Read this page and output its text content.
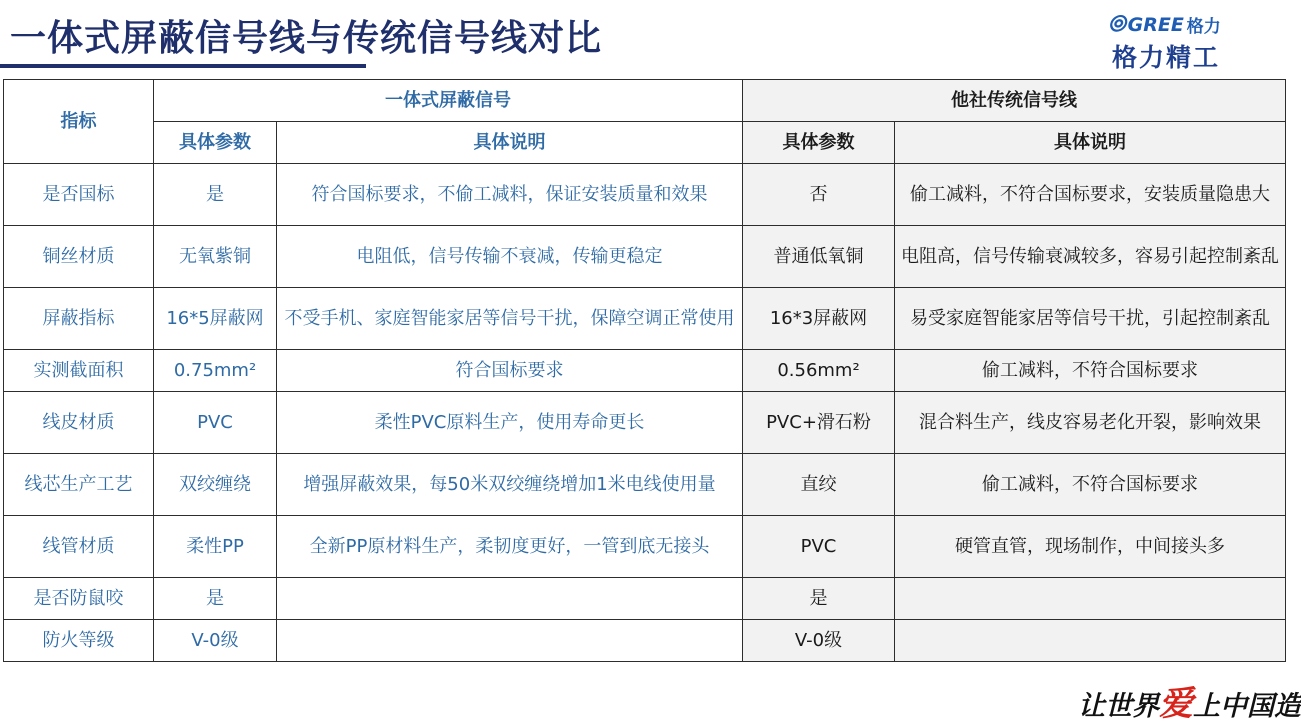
一体式屏蔽信号线与传统信号线对比	⦾ GREE 格力
格力精工
指标	一体式屏蔽信号		他社传统信号线	
	具体参数	具体说明	具体参数	具体说明
是否国标	是	符合国标要求，不偷工减料，保证安装质量和效果	否	偷工减料，不符合国标要求，安装质量隐患大
铜丝材质	无氧紫铜	电阻低，信号传输不衰减，传输更稳定	普通低氧铜	电阻高，信号传输衰减较多，容易引起控制紊乱
屏蔽指标	16*5屏蔽网	不受手机、家庭智能家居等信号干扰，保障空调正常使用	16*3屏蔽网	易受家庭智能家居等信号干扰，引起控制紊乱
实测截面积	0.75mm²	符合国标要求	0.56mm²	偷工减料，不符合国标要求
线皮材质	PVC	柔性PVC原料生产，使用寿命更长	PVC+滑石粉	混合料生产，线皮容易老化开裂，影响效果
线芯生产工艺	双绞缠绕	增强屏蔽效果，每50米双绞缠绕增加1米电线使用量	直绞	偷工减料，不符合国标要求
线管材质	柔性PP	全新PP原材料生产，柔韧度更好，一管到底无接头	PVC	硬管直管，现场制作，中间接头多
是否防鼠咬	是		是	
防火等级	V-0级		V-0级	
让世界爱上中国造
